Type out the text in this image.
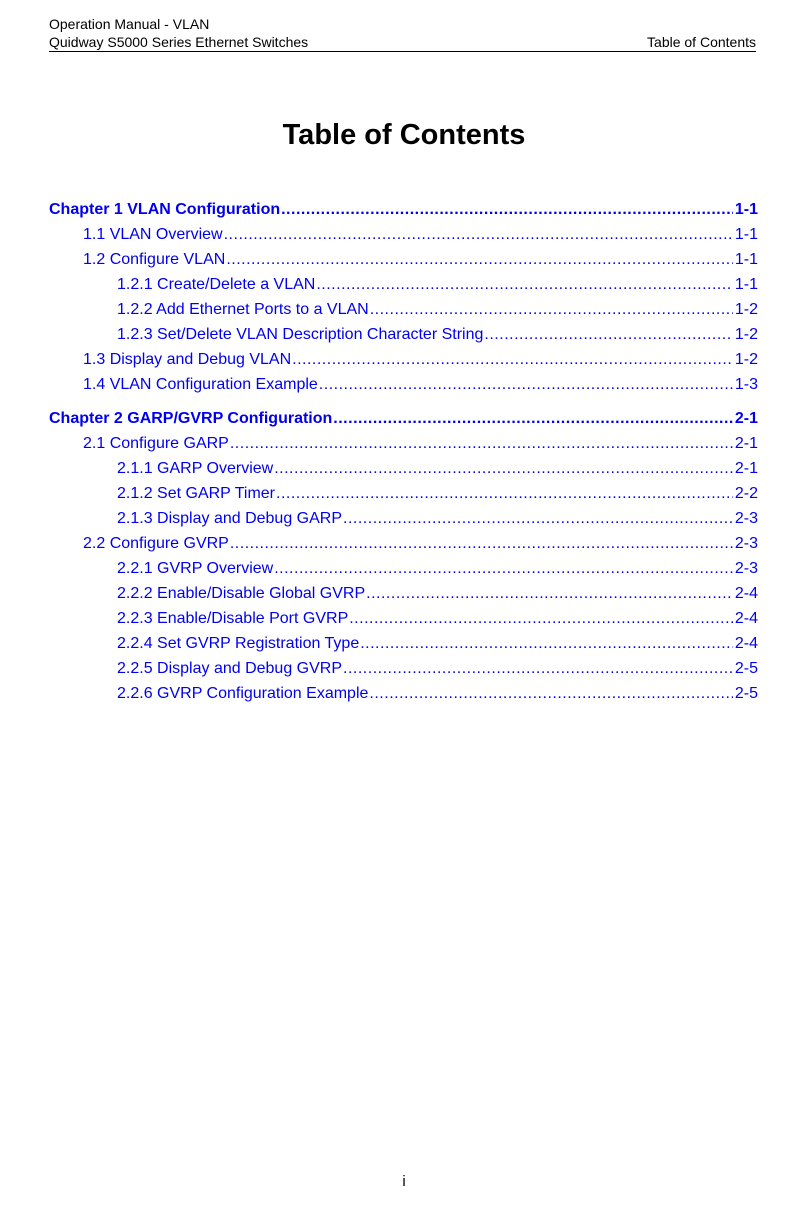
Operation Manual - VLAN
Quidway S5000 Series Ethernet Switches	Table of Contents
Table of Contents
Chapter 1 VLAN Configuration .....	1-1
1.1 VLAN Overview .....	1-1
1.2 Configure VLAN .....	1-1
1.2.1 Create/Delete a VLAN .....	1-1
1.2.2 Add Ethernet Ports to a VLAN .....	1-2
1.2.3 Set/Delete VLAN Description Character String .....	1-2
1.3 Display and Debug VLAN .....	1-2
1.4 VLAN Configuration Example .....	1-3
Chapter 2 GARP/GVRP Configuration .....	2-1
2.1 Configure GARP .....	2-1
2.1.1 GARP Overview .....	2-1
2.1.2 Set GARP Timer .....	2-2
2.1.3 Display and Debug GARP .....	2-3
2.2 Configure GVRP .....	2-3
2.2.1 GVRP Overview .....	2-3
2.2.2 Enable/Disable Global GVRP .....	2-4
2.2.3 Enable/Disable Port GVRP .....	2-4
2.2.4 Set GVRP Registration Type .....	2-4
2.2.5 Display and Debug GVRP .....	2-5
2.2.6 GVRP Configuration Example .....	2-5
i
